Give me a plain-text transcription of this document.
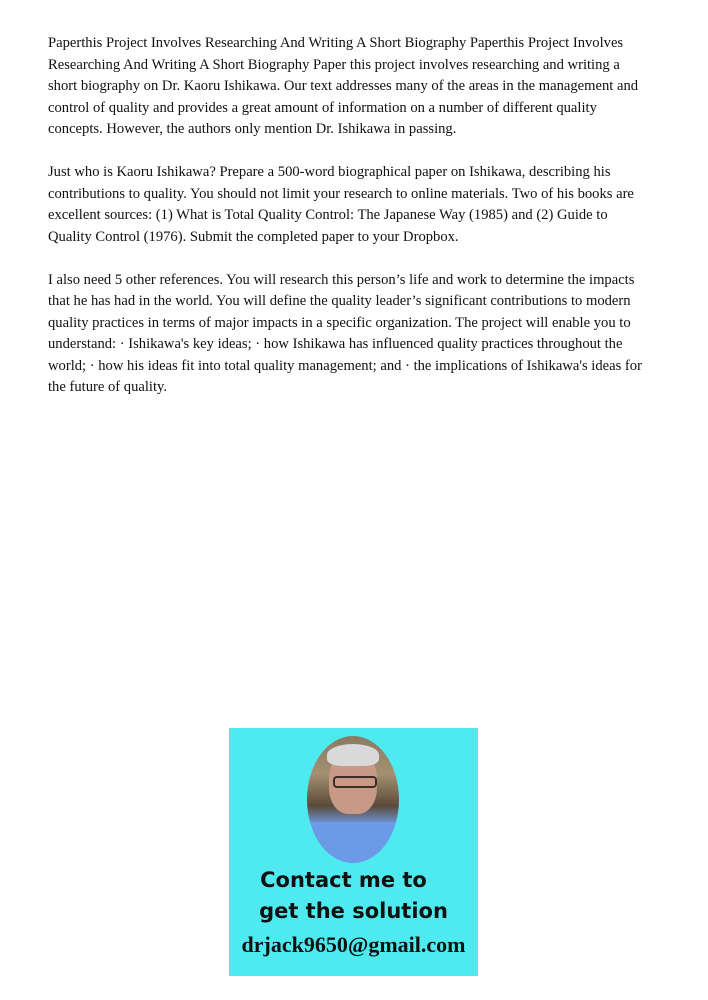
Paperthis Project Involves Researching And Writing A Short Biography Paperthis Project Involves Researching And Writing A Short Biography Paper this project involves researching and writing a short biography on Dr. Kaoru Ishikawa. Our text addresses many of the areas in the management and control of quality and provides a great amount of information on a number of different quality concepts. However, the authors only mention Dr. Ishikawa in passing.

Just who is Kaoru Ishikawa? Prepare a 500-word biographical paper on Ishikawa, describing his contributions to quality. You should not limit your research to online materials. Two of his books are excellent sources: (1) What is Total Quality Control: The Japanese Way (1985) and (2) Guide to Quality Control (1976). Submit the completed paper to your Dropbox.

I also need 5 other references. You will research this person’s life and work to determine the impacts that he has had in the world. You will define the quality leader’s significant contributions to modern quality practices in terms of major impacts in a specific organization. The project will enable you to understand: · Ishikawa's key ideas; · how Ishikawa has influenced quality practices throughout the world; · how his ideas fit into total quality management; and · the implications of Ishikawa's ideas for the future of quality.

Contact me to
get the solution
drjack9650@gmail.com
